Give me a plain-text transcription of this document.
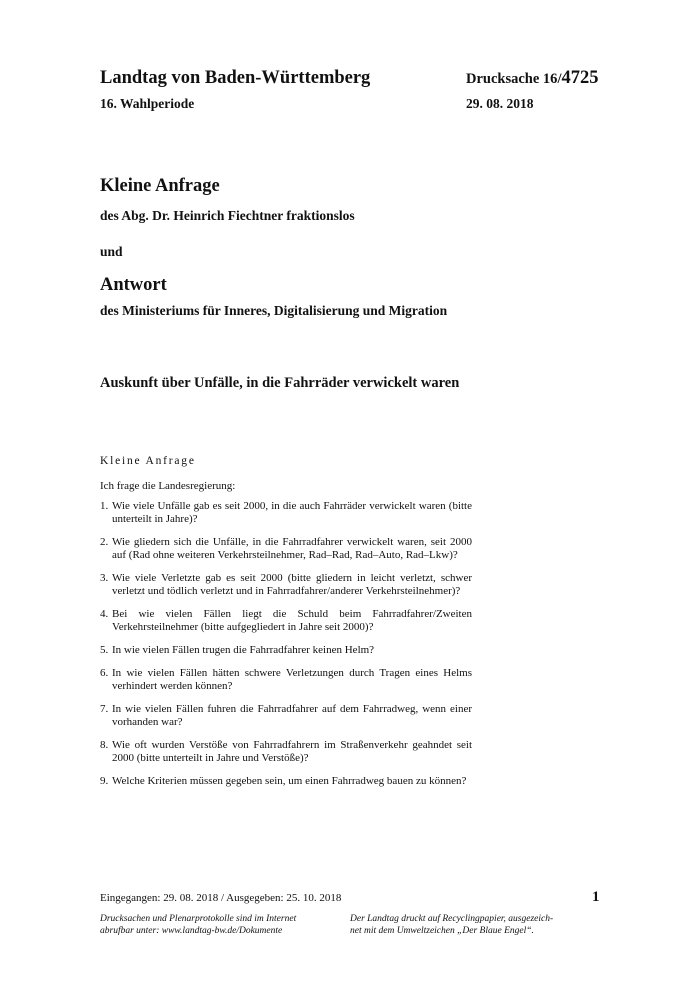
Landtag von Baden-Württemberg
16. Wahlperiode
Drucksache 16/4725
29. 08. 2018
Kleine Anfrage
des Abg. Dr. Heinrich Fiechtner fraktionslos
und
Antwort
des Ministeriums für Inneres, Digitalisierung und Migration
Auskunft über Unfälle, in die Fahrräder verwickelt waren
Kleine Anfrage
Ich frage die Landesregierung:
1. Wie viele Unfälle gab es seit 2000, in die auch Fahrräder verwickelt waren (bitte unterteilt in Jahre)?
2. Wie gliedern sich die Unfälle, in die Fahrradfahrer verwickelt waren, seit 2000 auf (Rad ohne weiteren Verkehrsteilnehmer, Rad–Rad, Rad–Auto, Rad–Lkw)?
3. Wie viele Verletzte gab es seit 2000 (bitte gliedern in leicht verletzt, schwer verletzt und tödlich verletzt und in Fahrradfahrer/anderer Verkehrsteilnehmer)?
4. Bei wie vielen Fällen liegt die Schuld beim Fahrradfahrer/Zweiten Verkehrsteilnehmer (bitte aufgegliedert in Jahre seit 2000)?
5. In wie vielen Fällen trugen die Fahrradfahrer keinen Helm?
6. In wie vielen Fällen hätten schwere Verletzungen durch Tragen eines Helms verhindert werden können?
7. In wie vielen Fällen fuhren die Fahrradfahrer auf dem Fahrradweg, wenn einer vorhanden war?
8. Wie oft wurden Verstöße von Fahrradfahrern im Straßenverkehr geahndet seit 2000 (bitte unterteilt in Jahre und Verstöße)?
9. Welche Kriterien müssen gegeben sein, um einen Fahrradweg bauen zu können?
Eingegangen: 29. 08. 2018 / Ausgegeben: 25. 10. 2018	1
Drucksachen und Plenarprotokolle sind im Internet
abrufbar unter: www.landtag-bw.de/Dokumente
Der Landtag druckt auf Recyclingpapier, ausgezeich-
net mit dem Umweltzeichen „Der Blaue Engel“.
